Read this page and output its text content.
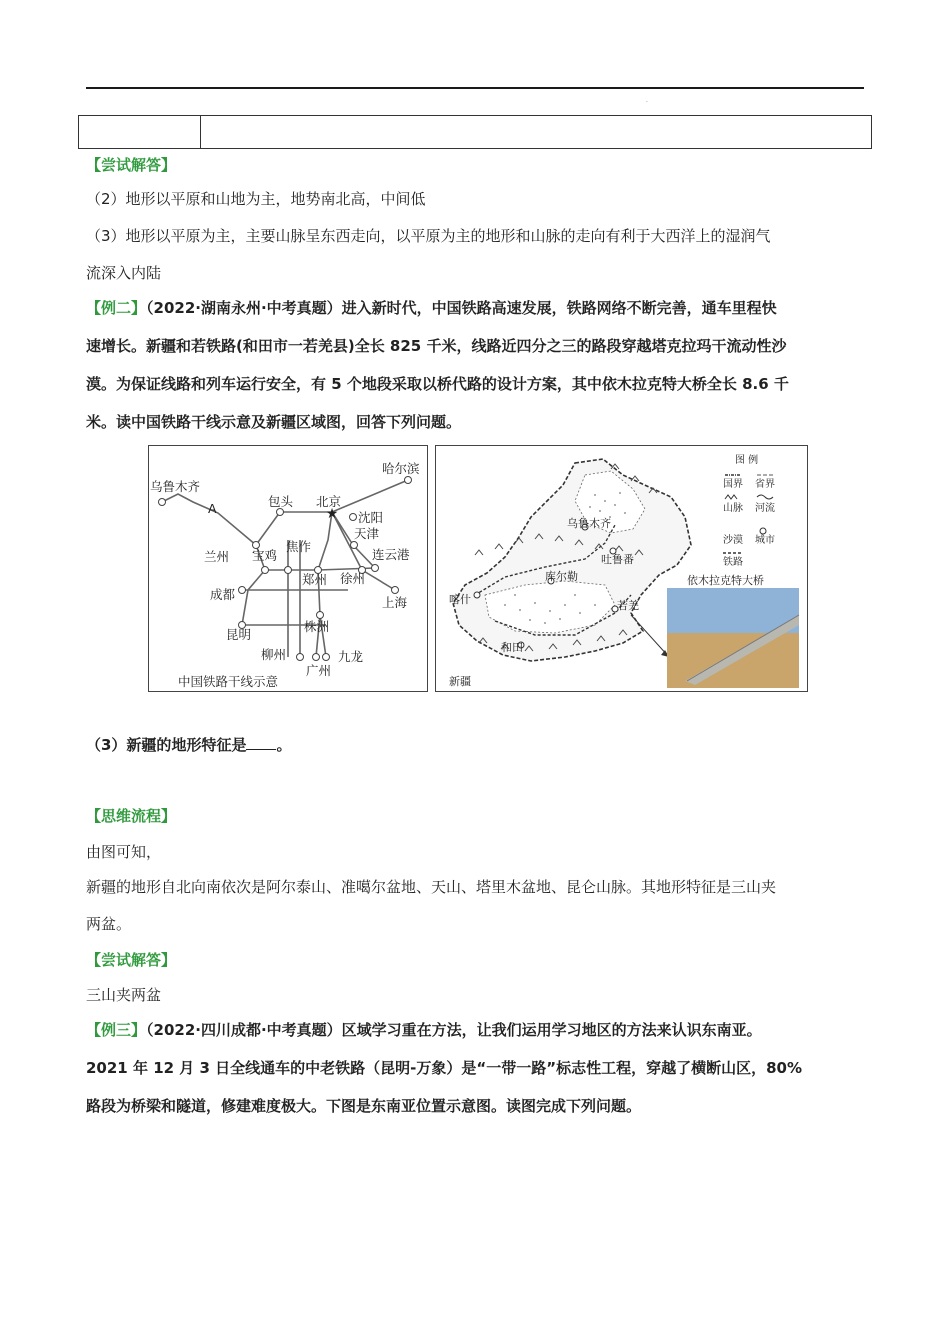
.
【尝试解答】
（2）地形以平原和山地为主，地势南北高，中间低
（3）地形以平原为主，主要山脉呈东西走向，以平原为主的地形和山脉的走向有利于大西洋上的湿润气
流深入内陆
【例二】（2022·湖南永州·中考真题）进入新时代，中国铁路高速发展，铁路网络不断完善，通车里程快
速增长。新疆和若铁路(和田市一若羌县)全长 825 千米，线路近四分之三的路段穿越塔克拉玛干流动性沙
漠。为保证线路和列车运行安全，有 5 个地段采取以桥代路的设计方案，其中依木拉克特大桥全长 8.6 千
米。读中国铁路干线示意及新疆区域图，回答下列问题。
★
乌鲁木齐
A
哈尔滨
包头 北京
沈阳
天津
兰州 宝鸡
焦作
连云港
郑州 徐州
成都
上海
昆明
株洲
柳州
广州
九龙
中国铁路干线示意
乌鲁木齐
吐鲁番
库尔勒
喀什
和田
若羌
新疆
依木拉克特大桥
图 例
国界 省界
山脉 河流
沙漠 城市
铁路
（3）新疆的地形特征是 。
【思维流程】
由图可知，
新疆的地形自北向南依次是阿尔泰山、准噶尔盆地、天山、塔里木盆地、昆仑山脉。其地形特征是三山夹
两盆。
【尝试解答】
三山夹两盆
【例三】（2022·四川成都·中考真题）区域学习重在方法，让我们运用学习地区的方法来认识东南亚。
2021 年 12 月 3 日全线通车的中老铁路（昆明-万象）是“一带一路”标志性工程，穿越了横断山区，80%
路段为桥梁和隧道，修建难度极大。下图是东南亚位置示意图。读图完成下列问题。
